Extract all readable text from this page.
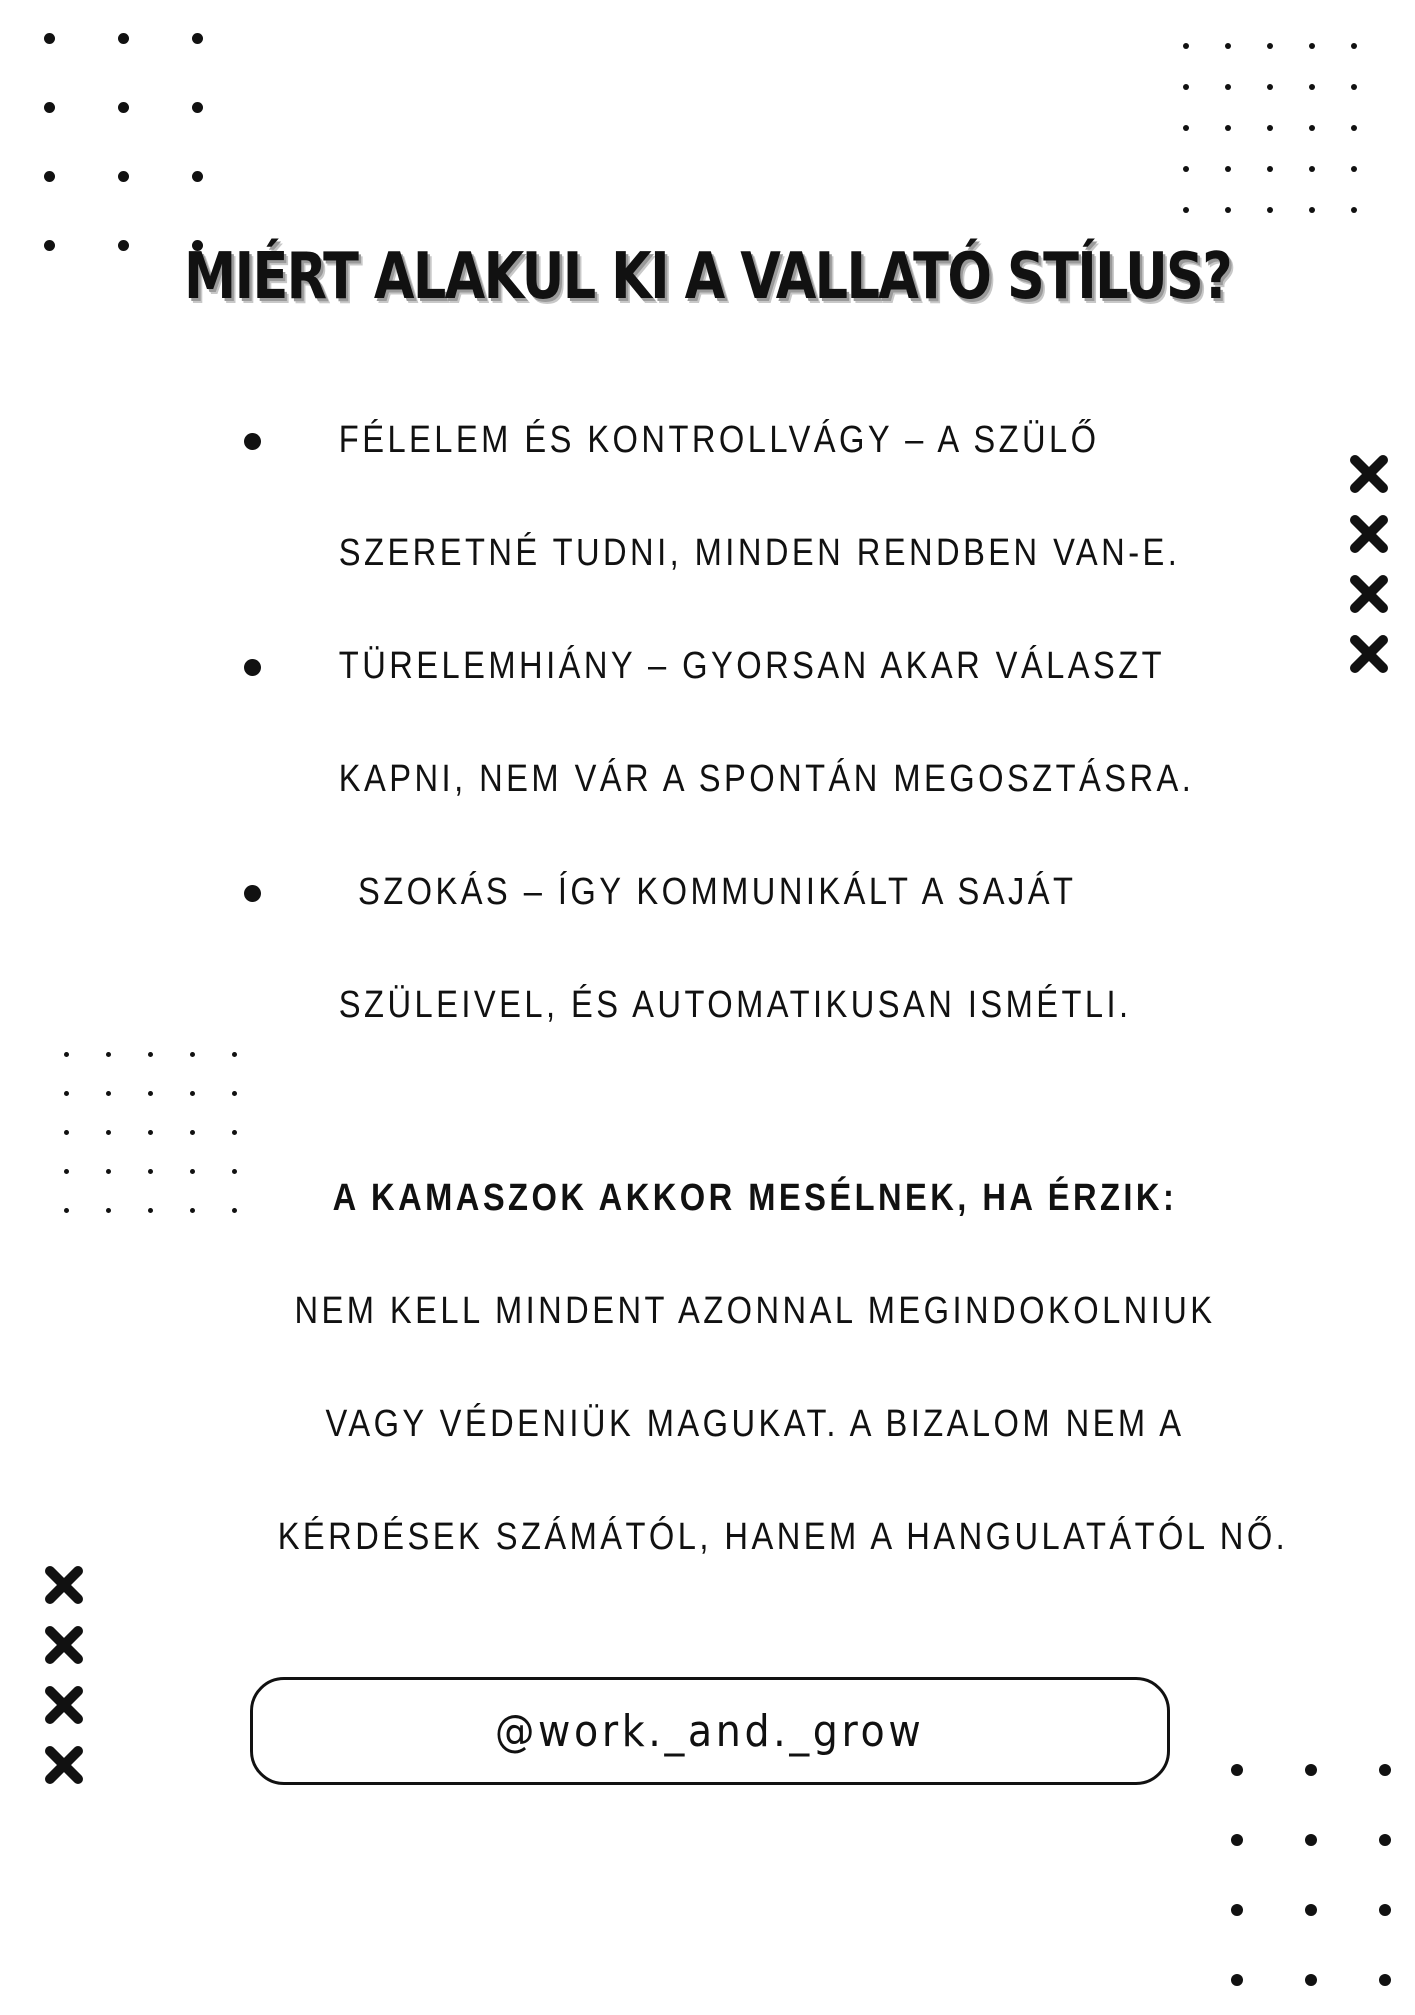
MIÉRT ALAKUL KI A VALLATÓ STÍLUS?
FÉLELEM ÉS KONTROLLVÁGY – A SZÜLŐ
SZERETNÉ TUDNI, MINDEN RENDBEN VAN-E.
TÜRELEMHIÁNY – GYORSAN AKAR VÁLASZT
KAPNI, NEM VÁR A SPONTÁN MEGOSZTÁSRA.
SZOKÁS – ÍGY KOMMUNIKÁLT A SAJÁT
SZÜLEIVEL, ÉS AUTOMATIKUSAN ISMÉTLI.
A KAMASZOK AKKOR MESÉLNEK, HA ÉRZIK:
NEM KELL MINDENT AZONNAL MEGINDOKOLNIUK
VAGY VÉDENIÜK MAGUKAT. A BIZALOM NEM A
KÉRDÉSEK SZÁMÁTÓL, HANEM A HANGULATÁTÓL NŐ.
@work._and._grow
